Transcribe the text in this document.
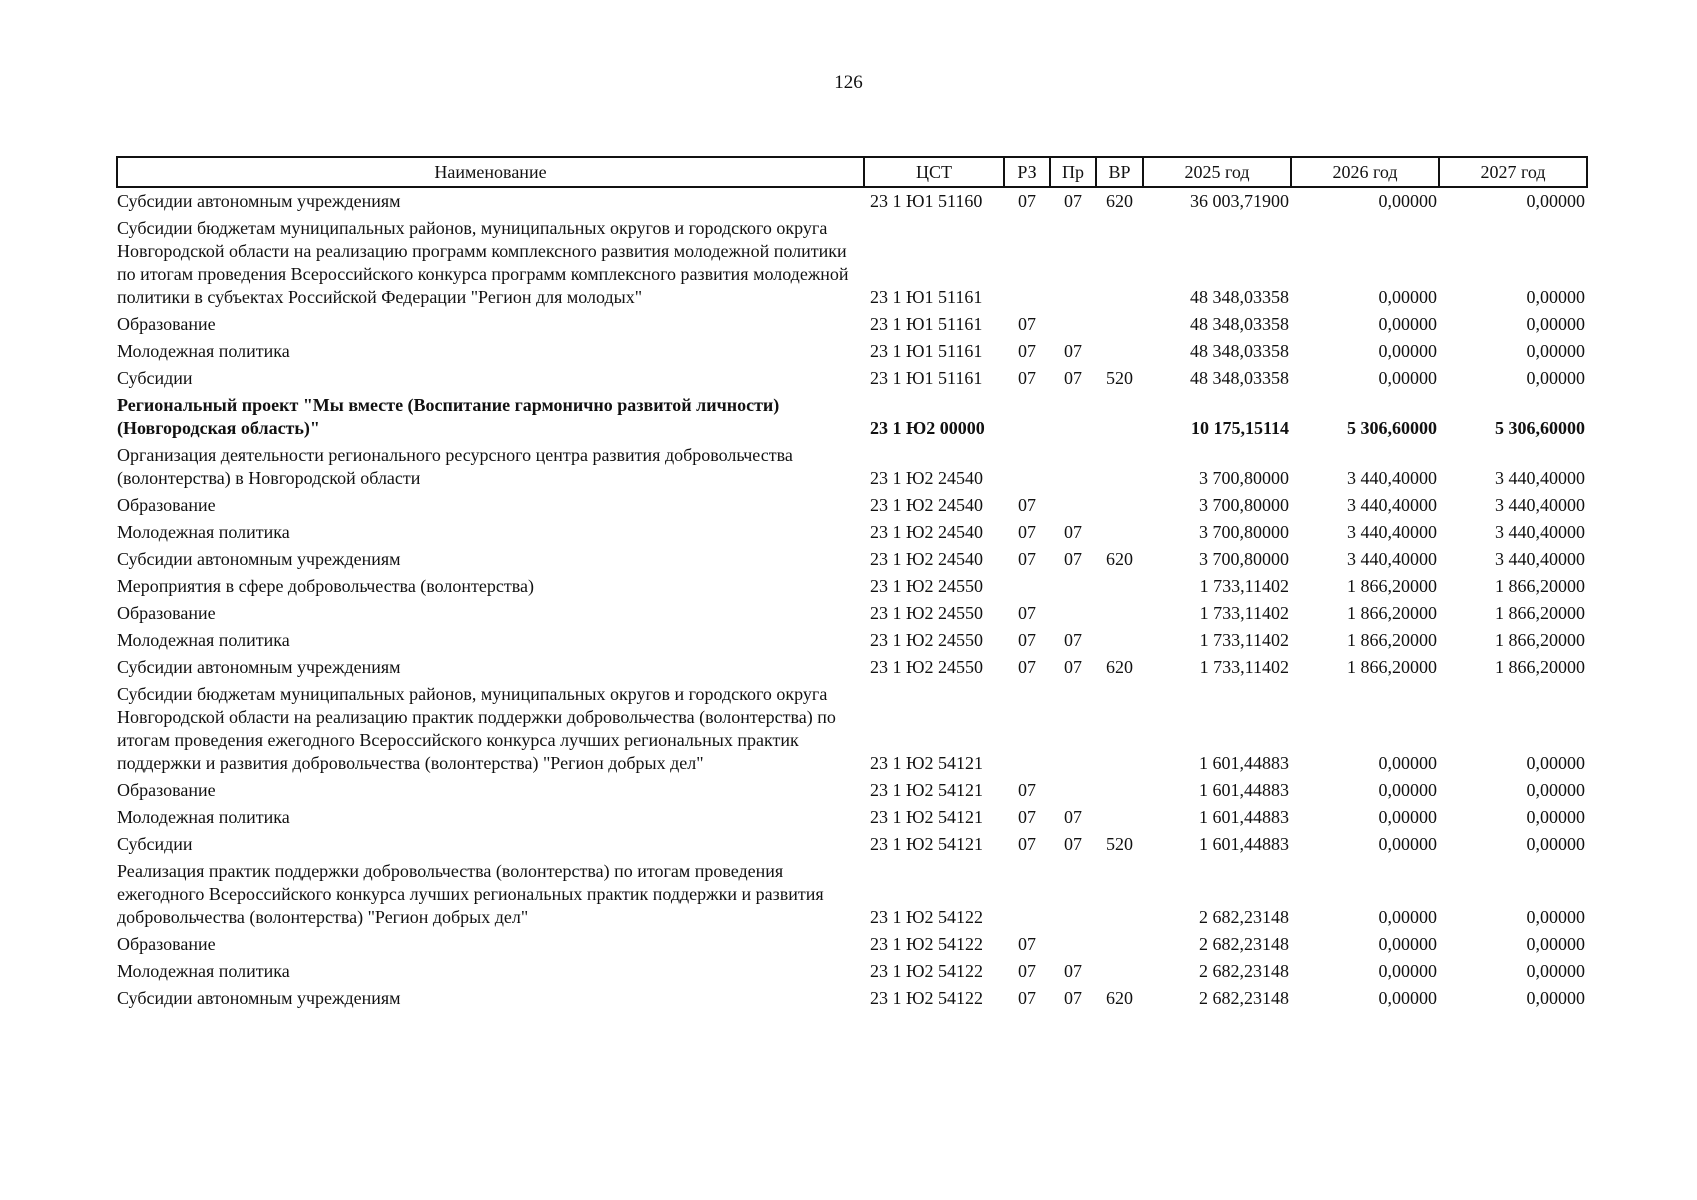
126
Наименование	ЦСТ	РЗ	Пр	ВР	2025 год	2026 год	2027 год
Субсидии автономным учреждениям	23 1 Ю1 51160	07	07	620	36 003,71900	0,00000	0,00000
Субсидии бюджетам муниципальных районов, муниципальных округов и городского округа Новгородской области на реализацию программ комплексного развития молодежной политики по итогам проведения Всероссийского конкурса программ комплексного развития молодежной политики в субъектах Российской Федерации "Регион для молодых"	23 1 Ю1 51161				48 348,03358	0,00000	0,00000
Образование	23 1 Ю1 51161	07			48 348,03358	0,00000	0,00000
Молодежная политика	23 1 Ю1 51161	07	07		48 348,03358	0,00000	0,00000
Субсидии	23 1 Ю1 51161	07	07	520	48 348,03358	0,00000	0,00000
Региональный проект "Мы вместе (Воспитание гармонично развитой личности) (Новгородская область)"	23 1 Ю2 00000				10 175,15114	5 306,60000	5 306,60000
Организация деятельности регионального ресурсного центра развития добровольчества (волонтерства) в Новгородской области	23 1 Ю2 24540				3 700,80000	3 440,40000	3 440,40000
Образование	23 1 Ю2 24540	07			3 700,80000	3 440,40000	3 440,40000
Молодежная политика	23 1 Ю2 24540	07	07		3 700,80000	3 440,40000	3 440,40000
Субсидии автономным учреждениям	23 1 Ю2 24540	07	07	620	3 700,80000	3 440,40000	3 440,40000
Мероприятия в сфере добровольчества (волонтерства)	23 1 Ю2 24550				1 733,11402	1 866,20000	1 866,20000
Образование	23 1 Ю2 24550	07			1 733,11402	1 866,20000	1 866,20000
Молодежная политика	23 1 Ю2 24550	07	07		1 733,11402	1 866,20000	1 866,20000
Субсидии автономным учреждениям	23 1 Ю2 24550	07	07	620	1 733,11402	1 866,20000	1 866,20000
Субсидии бюджетам муниципальных районов, муниципальных округов и городского округа Новгородской области на реализацию практик поддержки добровольчества (волонтерства) по итогам проведения ежегодного Всероссийского конкурса лучших региональных практик поддержки и развития добровольчества (волонтерства) "Регион добрых дел"	23 1 Ю2 54121				1 601,44883	0,00000	0,00000
Образование	23 1 Ю2 54121	07			1 601,44883	0,00000	0,00000
Молодежная политика	23 1 Ю2 54121	07	07		1 601,44883	0,00000	0,00000
Субсидии	23 1 Ю2 54121	07	07	520	1 601,44883	0,00000	0,00000
Реализация практик поддержки добровольчества (волонтерства) по итогам проведения ежегодного Всероссийского конкурса лучших региональных практик поддержки и развития добровольчества (волонтерства) "Регион добрых дел"	23 1 Ю2 54122				2 682,23148	0,00000	0,00000
Образование	23 1 Ю2 54122	07			2 682,23148	0,00000	0,00000
Молодежная политика	23 1 Ю2 54122	07	07		2 682,23148	0,00000	0,00000
Субсидии автономным учреждениям	23 1 Ю2 54122	07	07	620	2 682,23148	0,00000	0,00000
